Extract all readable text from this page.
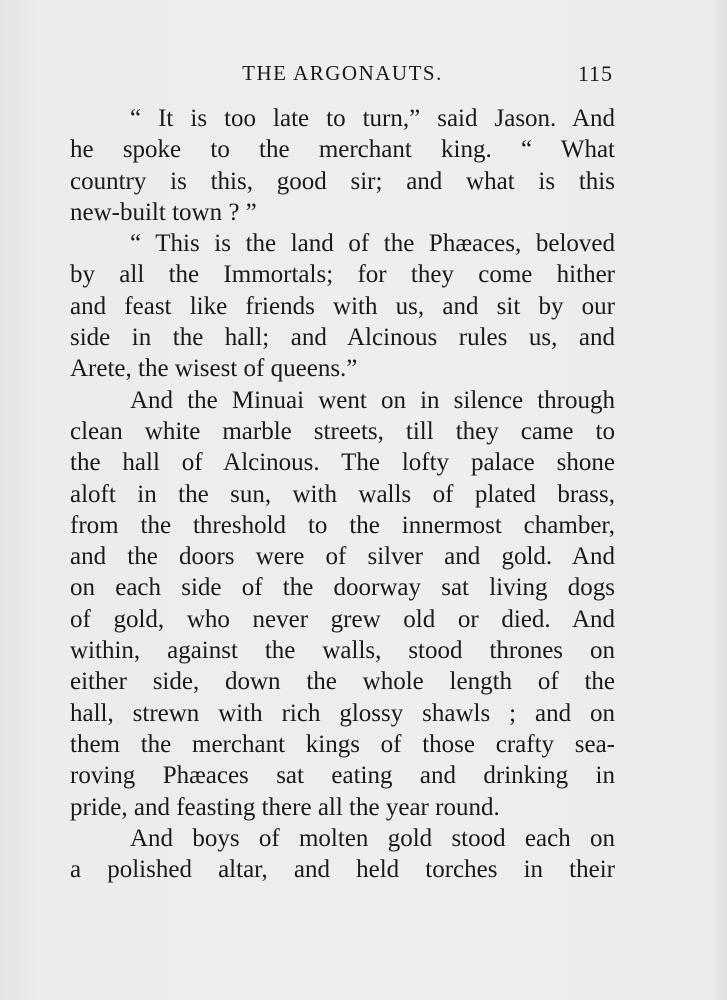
THE ARGONAUTS.	115
“ It is too late to turn,” said Jason. And
he spoke to the merchant king. “ What
country is this, good sir; and what is this
new-built town ? ”
“ This is the land of the Phæaces, beloved
by all the Immortals; for they come hither
and feast like friends with us, and sit by our
side in the hall; and Alcinous rules us, and
Arete, the wisest of queens.”
And the Minuai went on in silence through
clean white marble streets, till they came to
the hall of Alcinous. The lofty palace shone
aloft in the sun, with walls of plated brass,
from the threshold to the innermost chamber,
and the doors were of silver and gold. And
on each side of the doorway sat living dogs
of gold, who never grew old or died. And
within, against the walls, stood thrones on
either side, down the whole length of the
hall, strewn with rich glossy shawls ; and on
them the merchant kings of those crafty sea-
roving Phæaces sat eating and drinking in
pride, and feasting there all the year round.
And boys of molten gold stood each on
a polished altar, and held torches in their
